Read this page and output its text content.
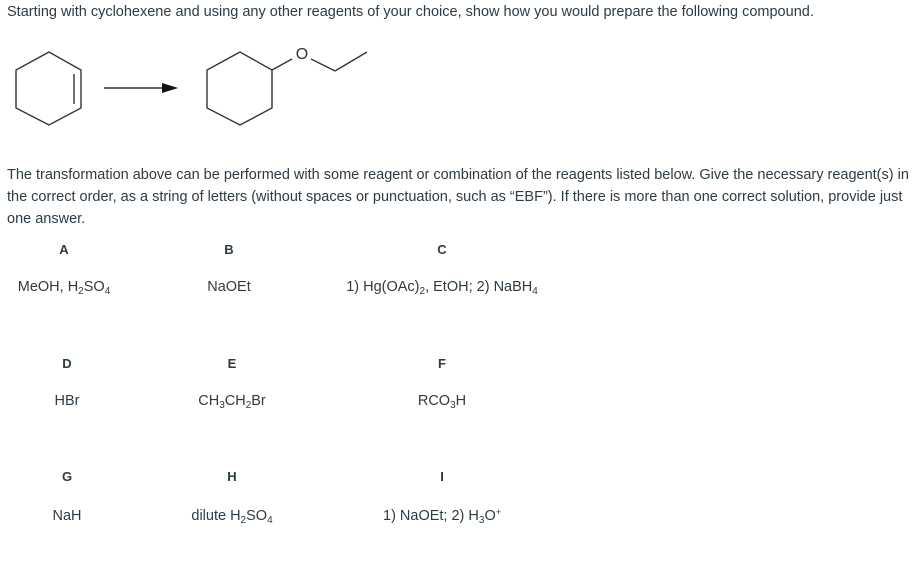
Starting with cyclohexene and using any other reagents of your choice, show how you would prepare the following compound.
O
The transformation above can be performed with some reagent or combination of the reagents listed below. Give the necessary reagent(s) in the correct order, as a string of letters (without spaces or punctuation, such as “EBF”). If there is more than one correct solution, provide just one answer.
A
MeOH, $H_2SO_4$
B
NaOEt
C
1) $Hg(OAc)_2$, EtOH; 2) NaBH$_4$
D
HBr
E
$CH_3CH_2Br$
F
$RCO_3H$
G
NaH
H
dilute $H_2SO_4$
I
1) NaOEt; 2) $H_3O^+$
